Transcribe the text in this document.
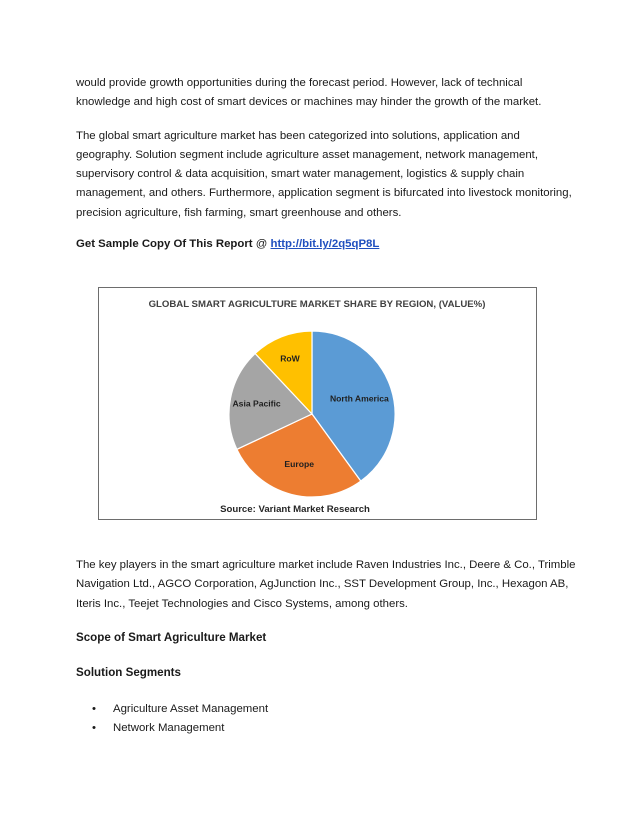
would provide growth opportunities during the forecast period. However, lack of technical knowledge and high cost of smart devices or machines may hinder the growth of the market.

The global smart agriculture market has been categorized into solutions, application and geography. Solution segment include agriculture asset management, network management, supervisory control & data acquisition, smart water management, logistics & supply chain management, and others. Furthermore, application segment is bifurcated into livestock monitoring, precision agriculture, fish farming, smart greenhouse and others.

Get Sample Copy Of This Report @ http://bit.ly/2q5qP8L
GLOBAL SMART AGRICULTURE MARKET SHARE BY REGION, (VALUE%)
North America
Europe
Asia Pacific
RoW
Source: Variant Market Research

The key players in the smart agriculture market include Raven Industries Inc., Deere & Co., Trimble Navigation Ltd., AGCO Corporation, AgJunction Inc., SST Development Group, Inc., Hexagon AB, Iteris Inc., Teejet Technologies and Cisco Systems, among others.

Scope of Smart Agriculture Market
Solution Segments
• Agriculture Asset Management
• Network Management
